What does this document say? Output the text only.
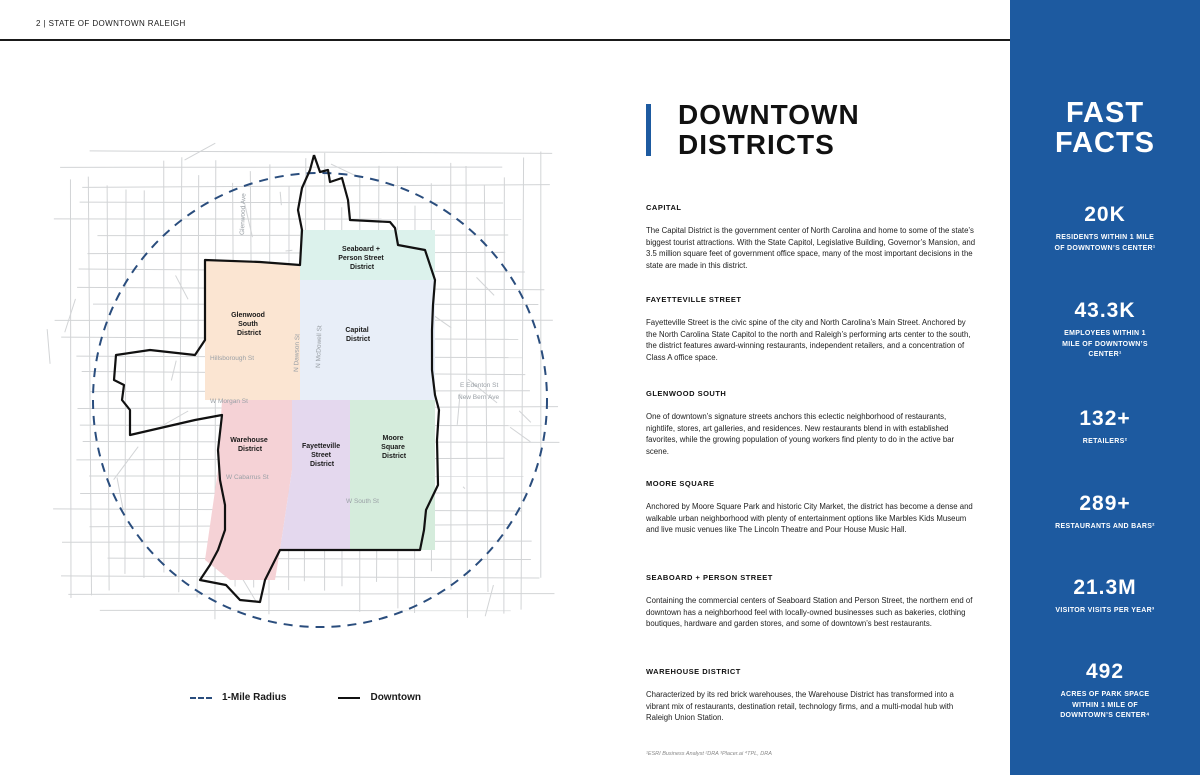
2 | STATE OF DOWNTOWN RALEIGH
Glenwood Ave
Hillsborough St
W Morgan St
N Dawson St N McDowell St
E Edenton St
New Bern Ave
W Cabarrus St
W South St
Seaboard + Person Street District
Glenwood South District	Capital District
Warehouse District	Fayetteville Street District
Moore Square District
1-Mile Radius	Downtown
DOWNTOWN
DISTRICTS
CAPITAL
The Capital District is the government center of North Carolina and home to some of the state’s biggest tourist attractions. With the State Capitol, Legislative Building, Governor’s Mansion, and 3.5 million square feet of government office space, many of the most important decisions in the state are made in this district.
FAYETTEVILLE STREET
Fayetteville Street is the civic spine of the city and North Carolina’s Main Street. Anchored by the North Carolina State Capitol to the north and Raleigh’s performing arts center to the south, the district features award-winning restaurants, independent retailers, and a concentration of Class A office space.
GLENWOOD SOUTH
One of downtown’s signature streets anchors this eclectic neighborhood of restaurants, nightlife, stores, art galleries, and residences. New restaurants blend in with established favorites, while the growing population of young workers find plenty to do in the active bar scene.
MOORE SQUARE
Anchored by Moore Square Park and historic City Market, the district has become a dense and walkable urban neighborhood with plenty of entertainment options like Marbles Kids Museum and live music venues like The Lincoln Theatre and Pour House Music Hall.
SEABOARD + PERSON STREET
Containing the commercial centers of Seaboard Station and Person Street, the northern end of downtown has a neighborhood feel with locally-owned businesses such as bakeries, clothing boutiques, hardware and garden stores, and some of downtown’s best restaurants.
WAREHOUSE DISTRICT
Characterized by its red brick warehouses, the Warehouse District has transformed into a vibrant mix of restaurants, destination retail, technology firms, and a multi-modal hub with Raleigh Union Station.
¹ESRI Business Analyst ²DRA ³Placer.ai ⁴TPL, DRA
FAST
FACTS
20K
RESIDENTS WITHIN 1 MILE
OF DOWNTOWN’S CENTER¹
43.3K
EMPLOYEES WITHIN 1
MILE OF DOWNTOWN’S
CENTER¹
132+
RETAILERS²
289+
RESTAURANTS AND BARS²
21.3M
VISITOR VISITS PER YEAR³
492
ACRES OF PARK SPACE
WITHIN 1 MILE OF
DOWNTOWN’S CENTER⁴
